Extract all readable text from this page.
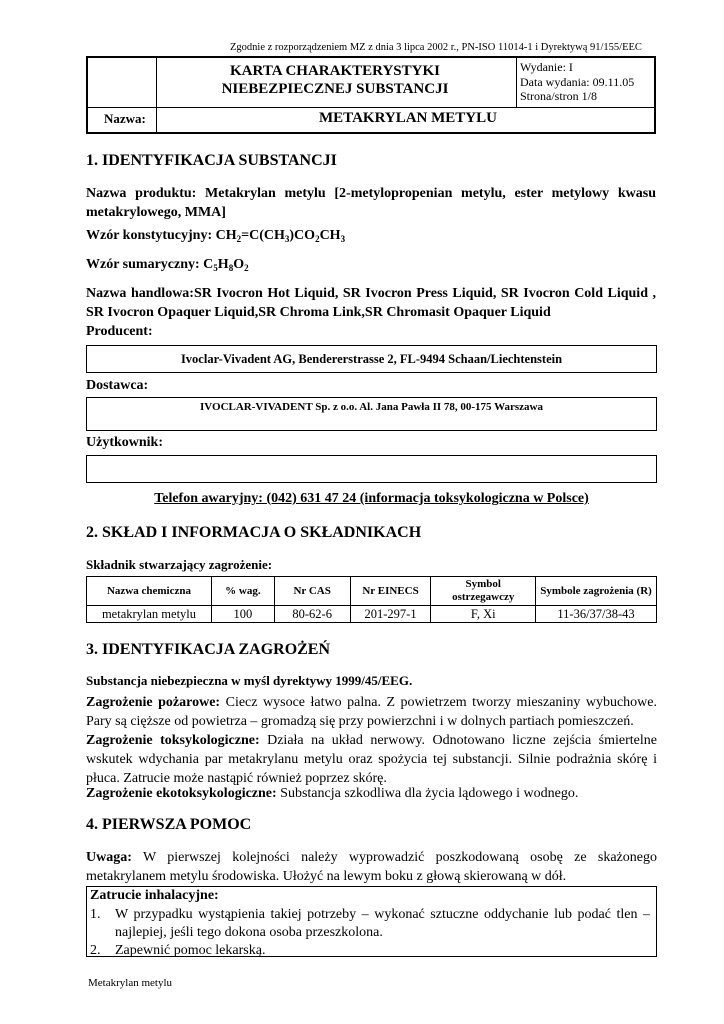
Zgodnie z rozporządzeniem MZ z dnia 3 lipca 2002 r., PN-ISO 11014-1 i Dyrektywą 91/155/EEC
KARTA CHARAKTERYSTYKI
NIEBEZPIECZNEJ SUBSTANCJI
Wydanie: I
Data wydania: 09.11.05
Strona/stron 1/8
Nazwa:	METAKRYLAN METYLU
1. IDENTYFIKACJA SUBSTANCJI
Nazwa produktu: Metakrylan metylu [2-metylopropenian metylu, ester metylowy kwasu metakrylowego, MMA]
Wzór konstytucyjny: $CH_2=C(CH_3)CO_2CH_3$
Wzór sumaryczny: $C_5H_8O_2$
Nazwa handlowa:SR Ivocron Hot Liquid, SR Ivocron Press Liquid, SR Ivocron Cold Liquid , SR Ivocron Opaquer Liquid,SR Chroma Link,SR Chromasit Opaquer Liquid
Producent:
Ivoclar-Vivadent AG, Bendererstrasse 2, FL-9494 Schaan/Liechtenstein
Dostawca:
IVOCLAR-VIVADENT Sp. z o.o. Al. Jana Pawła II 78, 00-175 Warszawa
Użytkownik:
Telefon awaryjny: (042) 631 47 24 (informacja toksykologiczna w Polsce)
2. SKŁAD I INFORMACJA O SKŁADNIKACH
Składnik stwarzający zagrożenie:
Nazwa chemiczna	% wag.	Nr CAS	Nr EINECS	Symbol ostrzegawczy	Symbole zagrożenia (R)
metakrylan metylu	100	80-62-6	201-297-1	F, Xi	11-36/37/38-43
3. IDENTYFIKACJA ZAGROŻEŃ
Substancja niebezpieczna w myśl dyrektywy 1999/45/EEG.
Zagrożenie pożarowe: Ciecz wysoce łatwo palna. Z powietrzem tworzy mieszaniny wybuchowe. Pary są cięższe od powietrza – gromadzą się przy powierzchni i w dolnych partiach pomieszczeń.
Zagrożenie toksykologiczne: Działa na układ nerwowy. Odnotowano liczne zejścia śmiertelne wskutek wdychania par metakrylanu metylu oraz spożycia tej substancji. Silnie podrażnia skórę i płuca. Zatrucie może nastąpić również poprzez skórę.
Zagrożenie ekotoksykologiczne: Substancja szkodliwa dla życia lądowego i wodnego.
4. PIERWSZA POMOC
Uwaga: W pierwszej kolejności należy wyprowadzić poszkodowaną osobę ze skażonego metakrylanem metylu środowiska. Ułożyć na lewym boku z głową skierowaną w dół.
Zatrucie inhalacyjne:
1.	W przypadku wystąpienia takiej potrzeby – wykonać sztuczne oddychanie lub podać tlen – najlepiej, jeśli tego dokona osoba przeszkolona.
2.	Zapewnić pomoc lekarską.
Metakrylan metylu
